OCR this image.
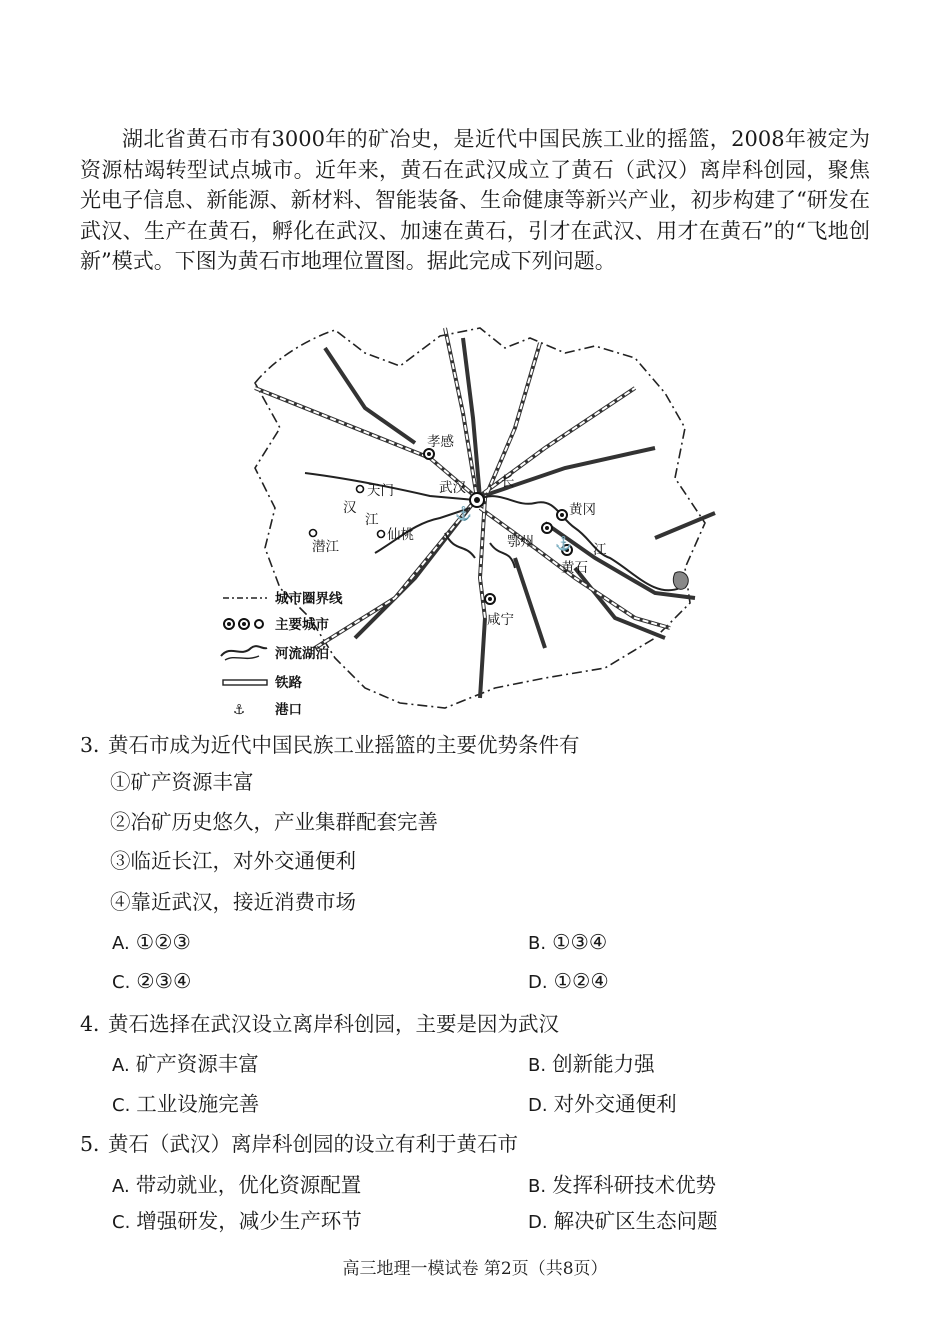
湖北省黄石市有3000年的矿冶史，是近代中国民族工业的摇篮，2008年被定为资源枯竭转型试点城市。近年来，黄石在武汉成立了黄石（武汉）离岸科创园，聚焦光电子信息、新能源、新材料、智能装备、生命健康等新兴产业，初步构建了“研发在武汉、生产在黄石，孵化在武汉、加速在黄石，引才在武汉、用才在黄石”的“飞地创新”模式。下图为黄石市地理位置图。据此完成下列问题。

⚓
⚓
孝感
天门	武汉
黄冈
潜江
仙桃	鄂州
黄石
咸宁
汉
江
长
江
城市圈界线
主要城市
河流湖泊
铁路
⚓ 港口
3．黄石市成为近代中国民族工业摇篮的主要优势条件有
①矿产资源丰富
②冶矿历史悠久，产业集群配套完善
③临近长江，对外交通便利
④靠近武汉，接近消费市场
A. ①②③	B. ①③④
C. ②③④	D. ①②④
4．黄石选择在武汉设立离岸科创园，主要是因为武汉
A. 矿产资源丰富	B. 创新能力强
C. 工业设施完善	D. 对外交通便利
5．黄石（武汉）离岸科创园的设立有利于黄石市
A. 带动就业，优化资源配置	B. 发挥科研技术优势
C. 增强研发，减少生产环节	D. 解决矿区生态问题
高三地理一模试卷 第2页（共8页）
